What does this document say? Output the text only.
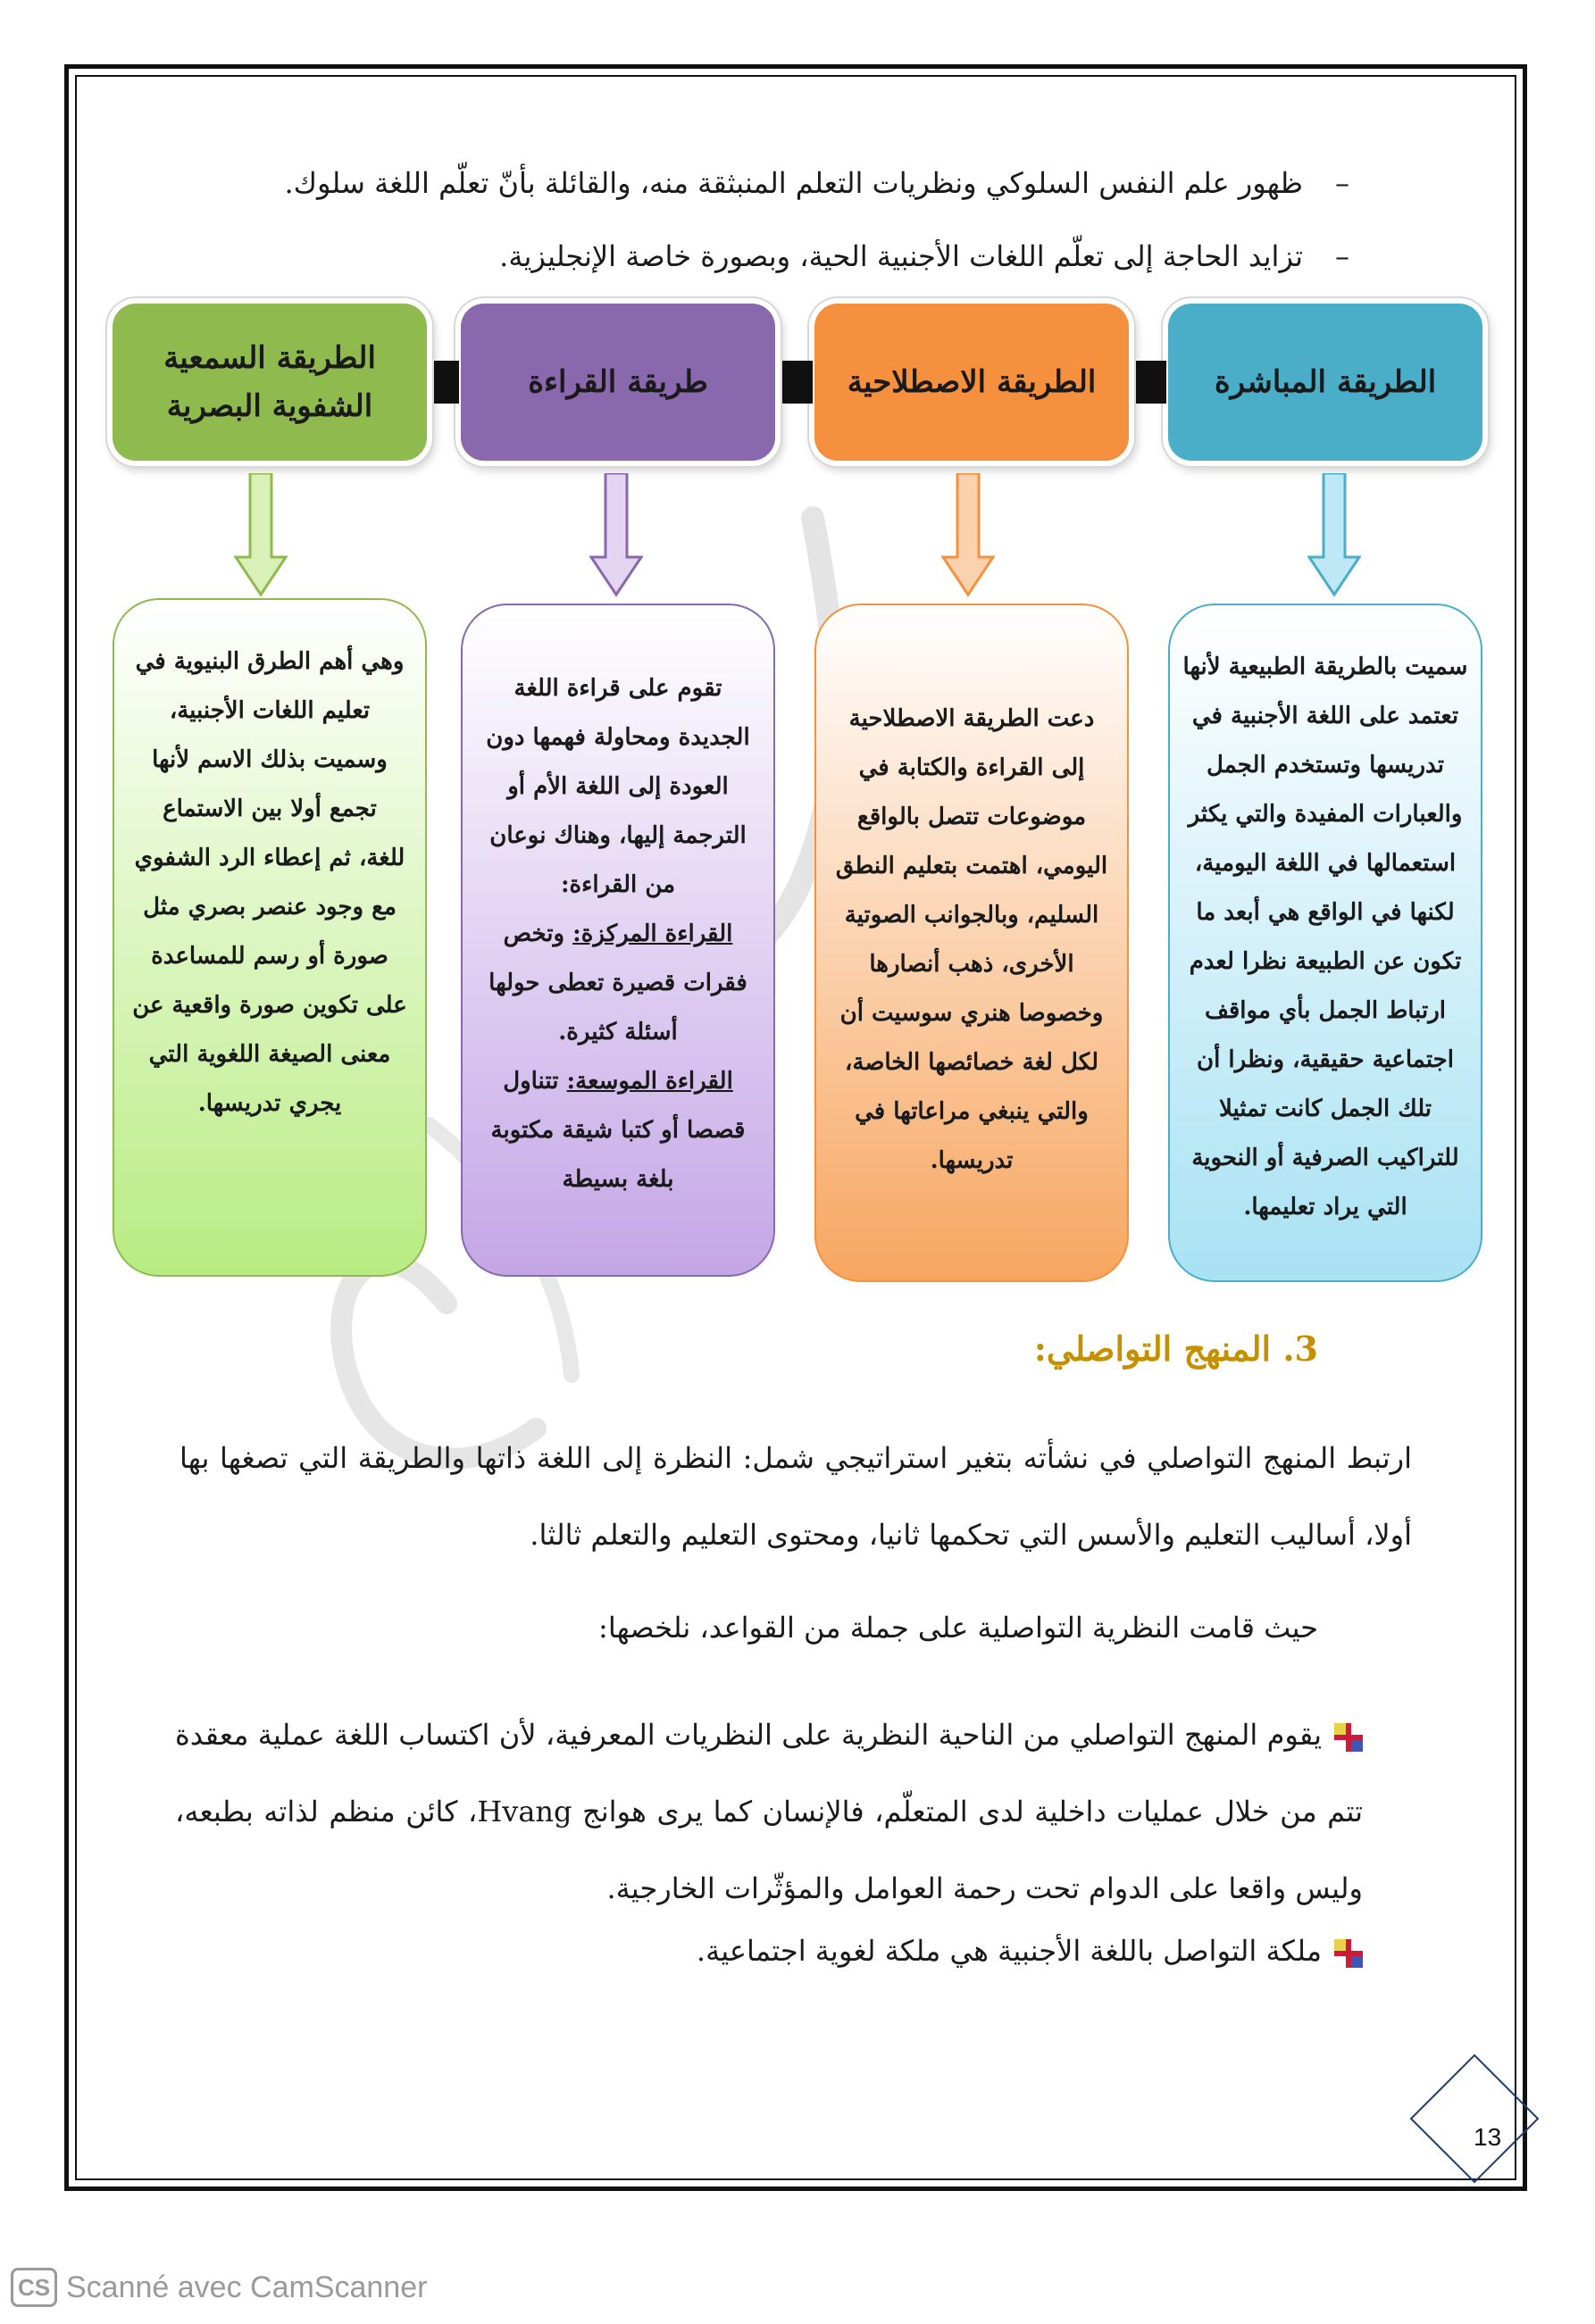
–ظهور علم النفس السلوكي ونظريات التعلم المنبثقة منه، والقائلة بأنّ تعلّم اللغة سلوك.
–تزايد الحاجة إلى تعلّم اللغات الأجنبية الحية، وبصورة خاصة الإنجليزية.
الطريقة المباشرة
الطريقة الاصطلاحية
طريقة القراءة
الطريقة السمعية الشفوية البصرية
سميت بالطريقة الطبيعية لأنها
تعتمد على اللغة الأجنبية في
تدريسها وتستخدم الجمل
والعبارات المفيدة والتي يكثر
استعمالها في اللغة اليومية،
لكنها في الواقع هي أبعد ما
تكون عن الطبيعة نظرا لعدم
ارتباط الجمل بأي مواقف
اجتماعية حقيقية، ونظرا أن
تلك الجمل كانت تمثيلا
للتراكيب الصرفية أو النحوية
التي يراد تعليمها.
دعت الطريقة الاصطلاحية
إلى القراءة والكتابة في
موضوعات تتصل بالواقع
اليومي، اهتمت بتعليم النطق
السليم، وبالجوانب الصوتية
الأخرى، ذهب أنصارها
وخصوصا هنري سوسيت أن
لكل لغة خصائصها الخاصة،
والتي ينبغي مراعاتها في
تدريسها.
تقوم على قراءة اللغة
الجديدة ومحاولة فهمها دون
العودة إلى اللغة الأم أو
الترجمة إليها، وهناك نوعان
من القراءة:
القراءة المركزة: وتخص
فقرات قصيرة تعطى حولها
أسئلة كثيرة.
القراءة الموسعة: تتناول
قصصا أو كتبا شيقة مكتوبة
بلغة بسيطة
وهي أهم الطرق البنيوية في
تعليم اللغات الأجنبية،
وسميت بذلك الاسم لأنها
تجمع أولا بين الاستماع
للغة، ثم إعطاء الرد الشفوي
مع وجود عنصر بصري مثل
صورة أو رسم للمساعدة
على تكوين صورة واقعية عن
معنى الصيغة اللغوية التي
يجري تدريسها.
3. المنهج التواصلي:
ارتبط المنهج التواصلي في نشأته بتغير استراتيجي شمل: النظرة إلى اللغة ذاتها والطريقة التي تصغها بها أولا، أساليب التعليم والأسس التي تحكمها ثانيا، ومحتوى التعليم والتعلم ثالثا.
حيث قامت النظرية التواصلية على جملة من القواعد، نلخصها:
يقوم المنهج التواصلي من الناحية النظرية على النظريات المعرفية، لأن اكتساب اللغة عملية معقدة تتم من خلال عمليات داخلية لدى المتعلّم، فالإنسان كما يرى هوانج Hvang، كائن منظم لذاته بطبعه، وليس واقعا على الدوام تحت رحمة العوامل والمؤثّرات الخارجية.
ملكة التواصل باللغة الأجنبية هي ملكة لغوية اجتماعية.
13
CS Scanné avec CamScanner
